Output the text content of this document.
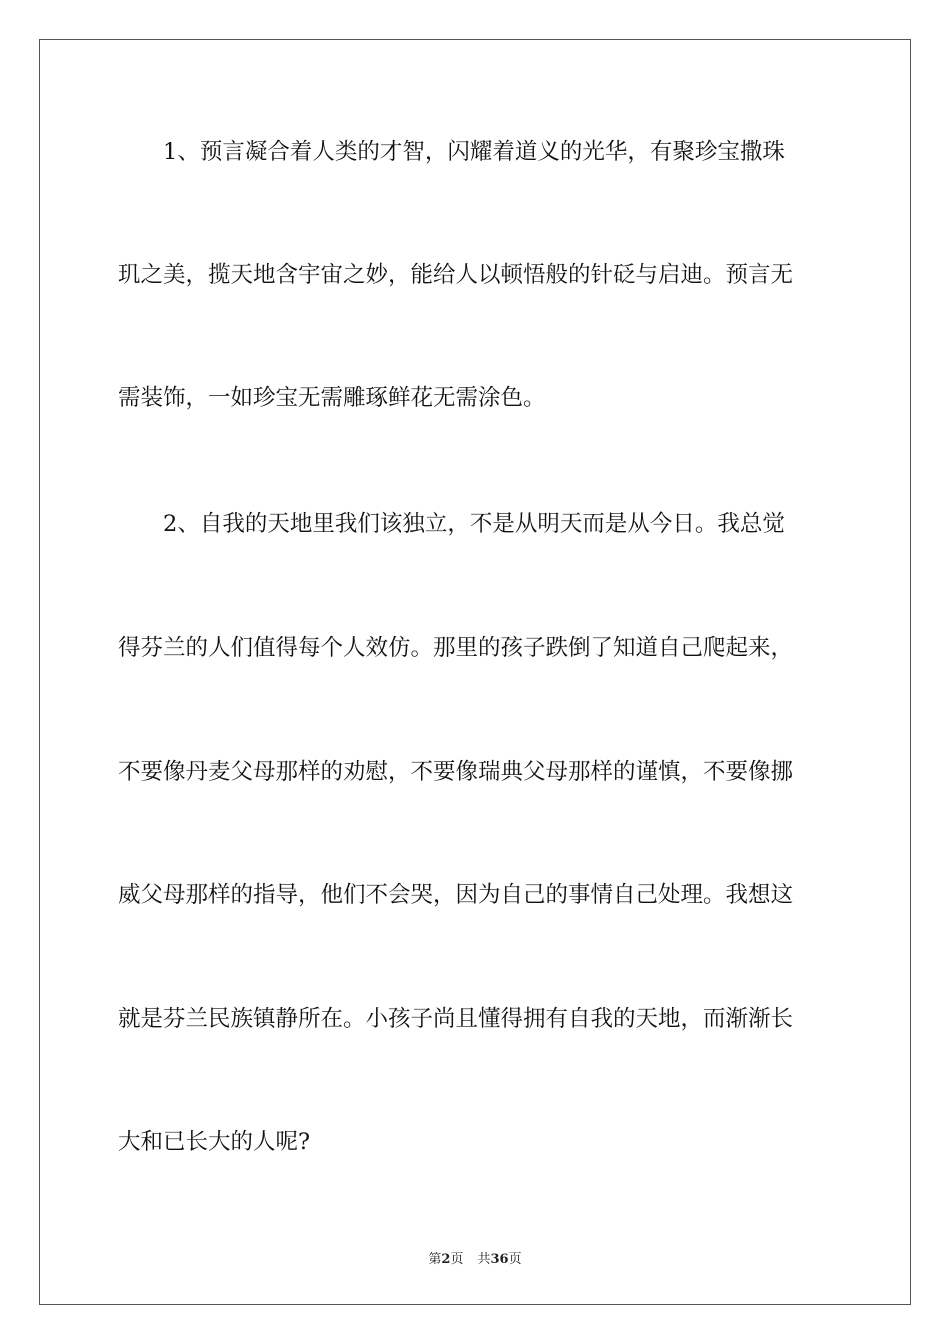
1、预言凝合着人类的才智，闪耀着道义的光华，有聚珍宝撒珠

玑之美，揽天地含宇宙之妙，能给人以顿悟般的针砭与启迪。预言无

需装饰，一如珍宝无需雕琢鲜花无需涂色。

2、自我的天地里我们该独立，不是从明天而是从今日。我总觉

得芬兰的人们值得每个人效仿。那里的孩子跌倒了知道自己爬起来，

不要像丹麦父母那样的劝慰，不要像瑞典父母那样的谨慎，不要像挪

威父母那样的指导，他们不会哭，因为自己的事情自己处理。我想这

就是芬兰民族镇静所在。小孩子尚且懂得拥有自我的天地，而渐渐长

大和已长大的人呢?

第2页 共36页
